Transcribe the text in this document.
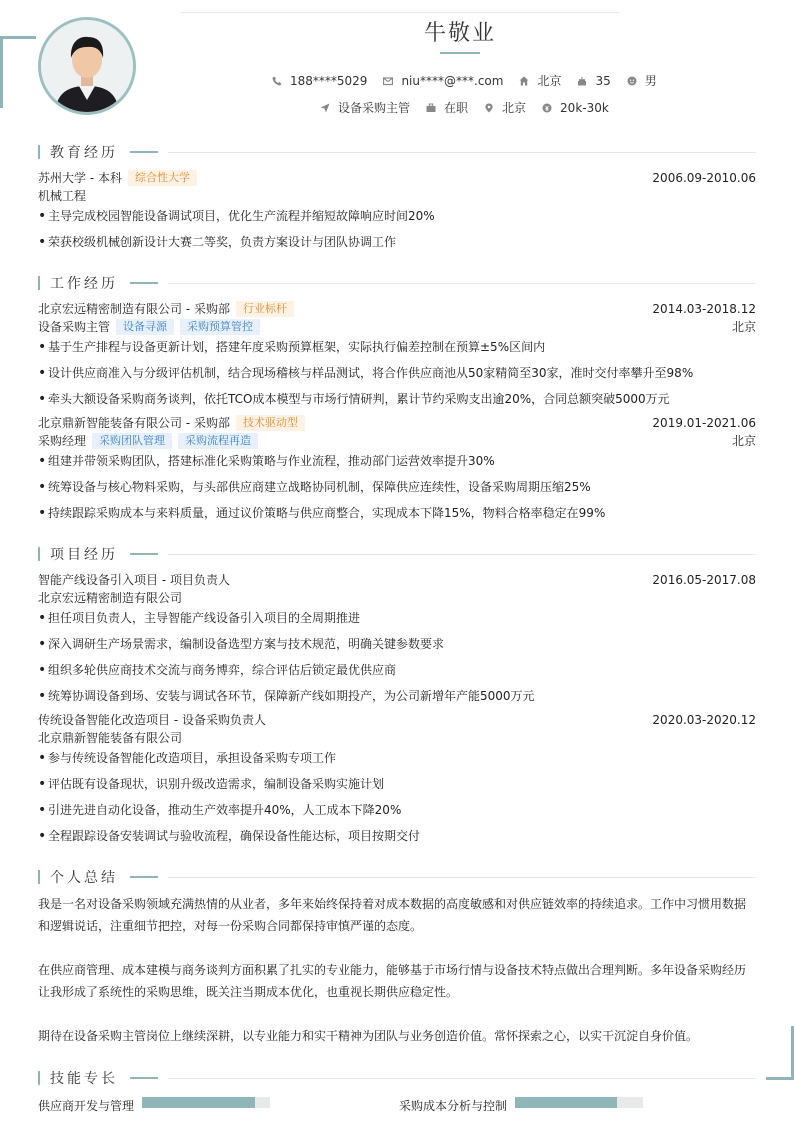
牛敬业
188****5029	niu****@***.com	北京	35	男
设备采购主管	在职	北京	20k-30k
教育经历
苏州大学 - 本科	综合性大学	2006.09-2010.06
机械工程
• 主导完成校园智能设备调试项目，优化生产流程并缩短故障响应时间20%
• 荣获校级机械创新设计大赛二等奖，负责方案设计与团队协调工作
工作经历
北京宏远精密制造有限公司 - 采购部	行业标杆	2014.03-2018.12
设备采购主管	设备寻源	采购预算管控	北京
• 基于生产排程与设备更新计划，搭建年度采购预算框架，实际执行偏差控制在预算±5%区间内
• 设计供应商准入与分级评估机制，结合现场稽核与样品测试，将合作供应商池从50家精简至30家，准时交付率攀升至98%
• 牵头大额设备采购商务谈判，依托TCO成本模型与市场行情研判，累计节约采购支出逾20%，合同总额突破5000万元
北京鼎新智能装备有限公司 - 采购部	技术驱动型	2019.01-2021.06
采购经理	采购团队管理	采购流程再造	北京
• 组建并带领采购团队，搭建标准化采购策略与作业流程，推动部门运营效率提升30%
• 统筹设备与核心物料采购，与头部供应商建立战略协同机制，保障供应连续性，设备采购周期压缩25%
• 持续跟踪采购成本与来料质量，通过议价策略与供应商整合，实现成本下降15%，物料合格率稳定在99%
项目经历
智能产线设备引入项目 - 项目负责人	2016.05-2017.08
北京宏远精密制造有限公司
• 担任项目负责人，主导智能产线设备引入项目的全周期推进
• 深入调研生产场景需求，编制设备选型方案与技术规范，明确关键参数要求
• 组织多轮供应商技术交流与商务博弈，综合评估后锁定最优供应商
• 统筹协调设备到场、安装与调试各环节，保障新产线如期投产，为公司新增年产能5000万元
传统设备智能化改造项目 - 设备采购负责人	2020.03-2020.12
北京鼎新智能装备有限公司
• 参与传统设备智能化改造项目，承担设备采购专项工作
• 评估既有设备现状，识别升级改造需求，编制设备采购实施计划
• 引进先进自动化设备，推动生产效率提升40%，人工成本下降20%
• 全程跟踪设备安装调试与验收流程，确保设备性能达标，项目按期交付
个人总结
我是一名对设备采购领域充满热情的从业者，多年来始终保持着对成本数据的高度敏感和对供应链效率的持续追求。工作中习惯用数据和逻辑说话，注重细节把控，对每一份采购合同都保持审慎严谨的态度。
在供应商管理、成本建模与商务谈判方面积累了扎实的专业能力，能够基于市场行情与设备技术特点做出合理判断。多年设备采购经历让我形成了系统性的采购思维，既关注当期成本优化，也重视长期供应稳定性。
期待在设备采购主管岗位上继续深耕，以专业能力和实干精神为团队与业务创造价值。常怀探索之心，以实干沉淀自身价值。
技能专长
供应商开发与管理	采购成本分析与控制
